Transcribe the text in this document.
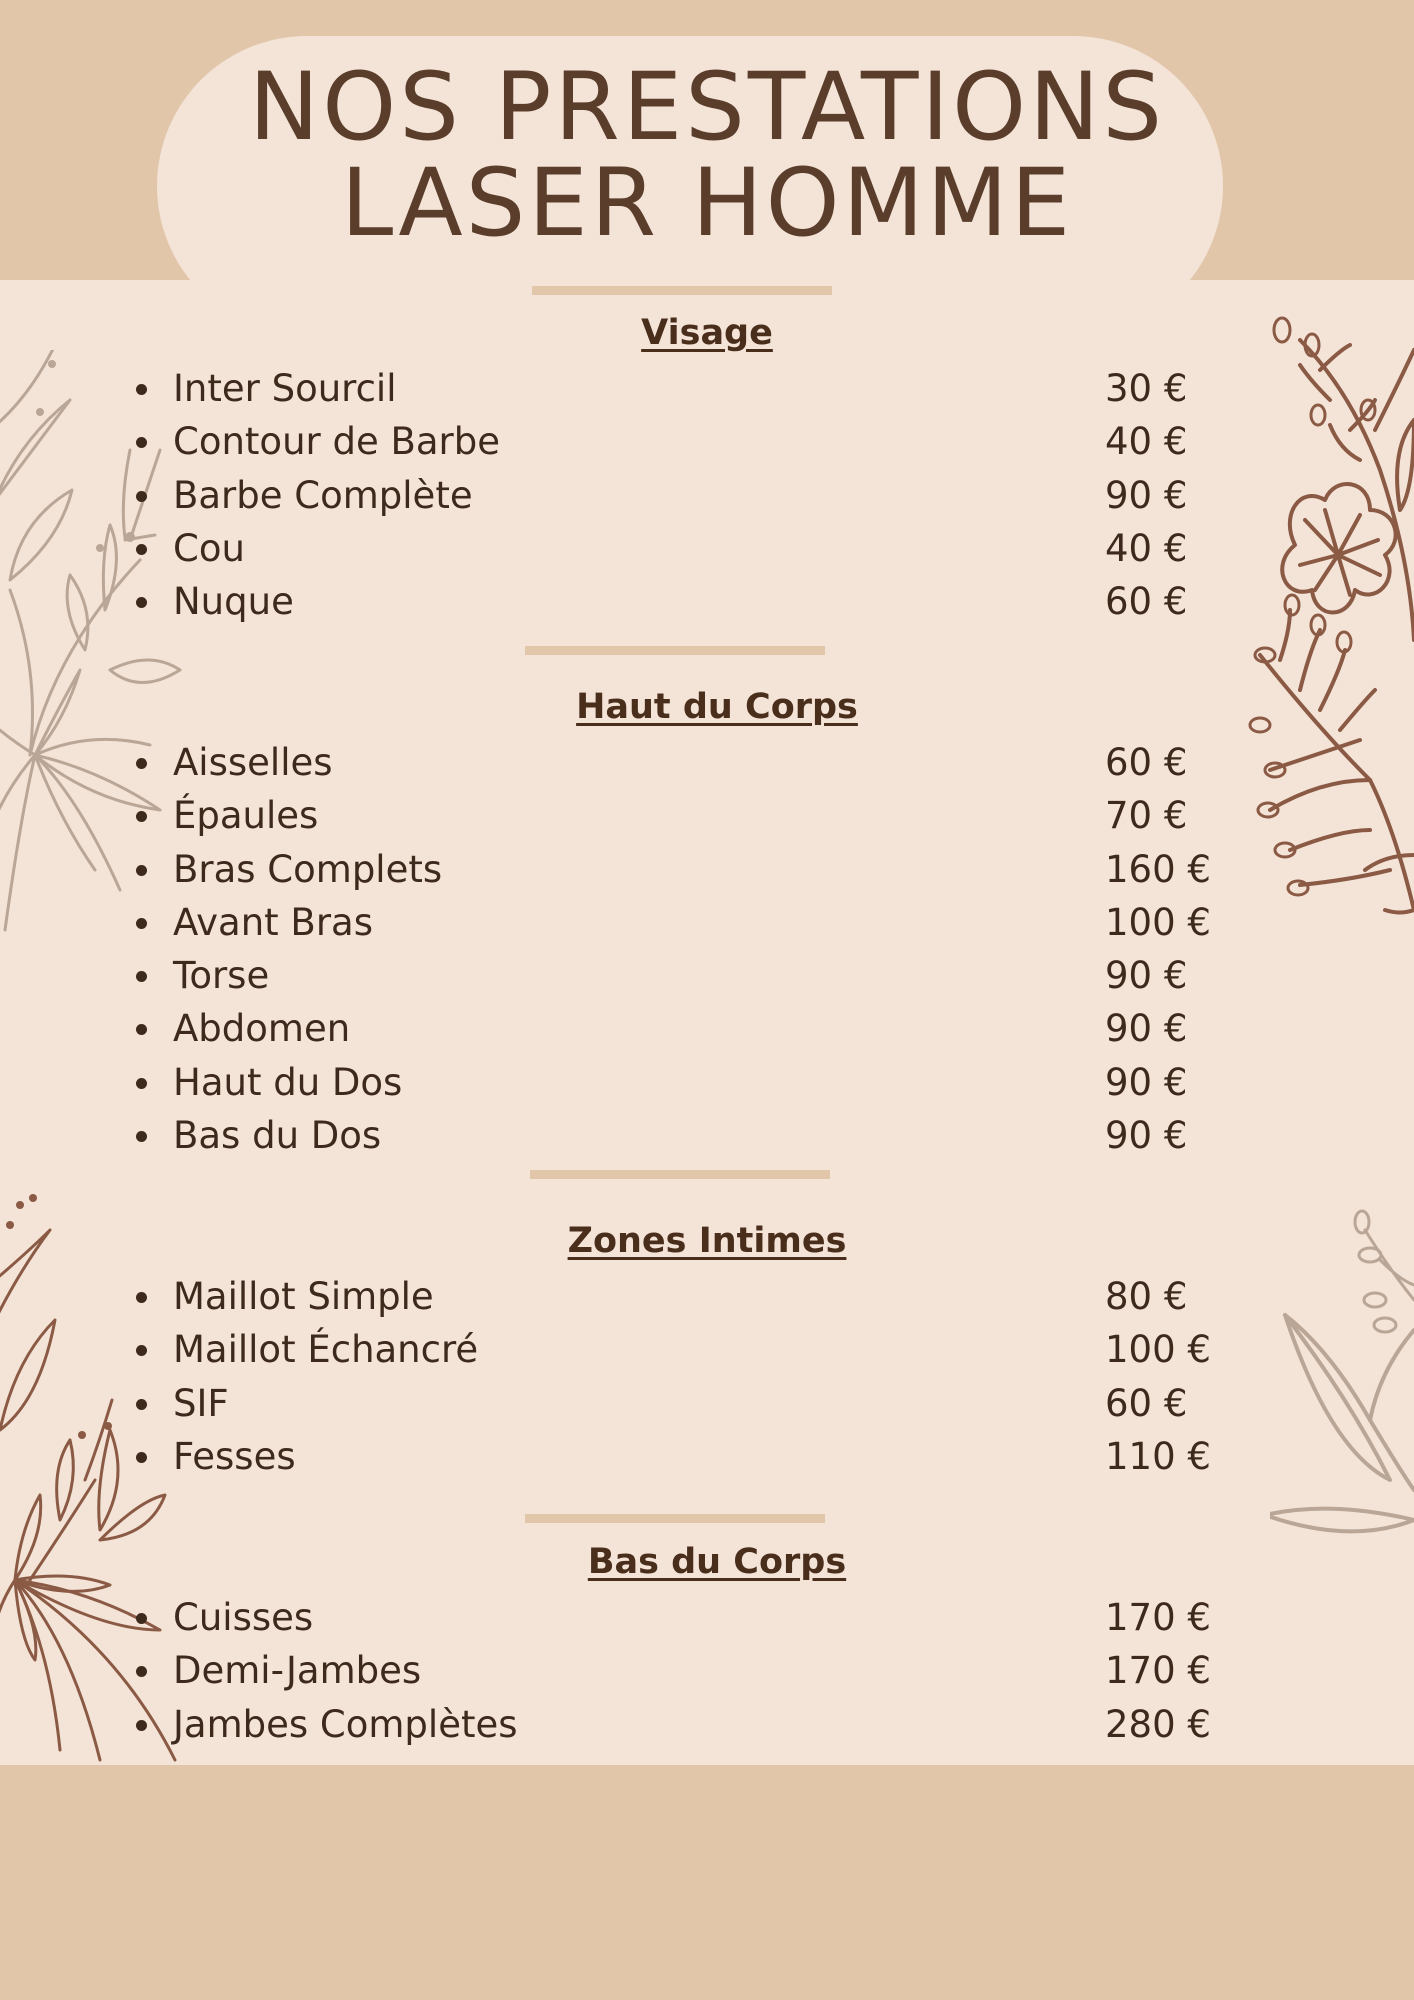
NOS PRESTATIONS
LASER HOMME
Visage
Inter Sourcil	30 €
Contour de Barbe	40 €
Barbe Complète	90 €
Cou	40 €
Nuque	60 €
Haut du Corps
Aisselles	60 €
Épaules	70 €
Bras Complets	160 €
Avant Bras	100 €
Torse	90 €
Abdomen	90 €
Haut du Dos	90 €
Bas du Dos	90 €
Zones Intimes
Maillot Simple	80 €
Maillot Échancré	100 €
SIF	60 €
Fesses	110 €
Bas du Corps
Cuisses	170 €
Demi-Jambes	170 €
Jambes Complètes	280 €
